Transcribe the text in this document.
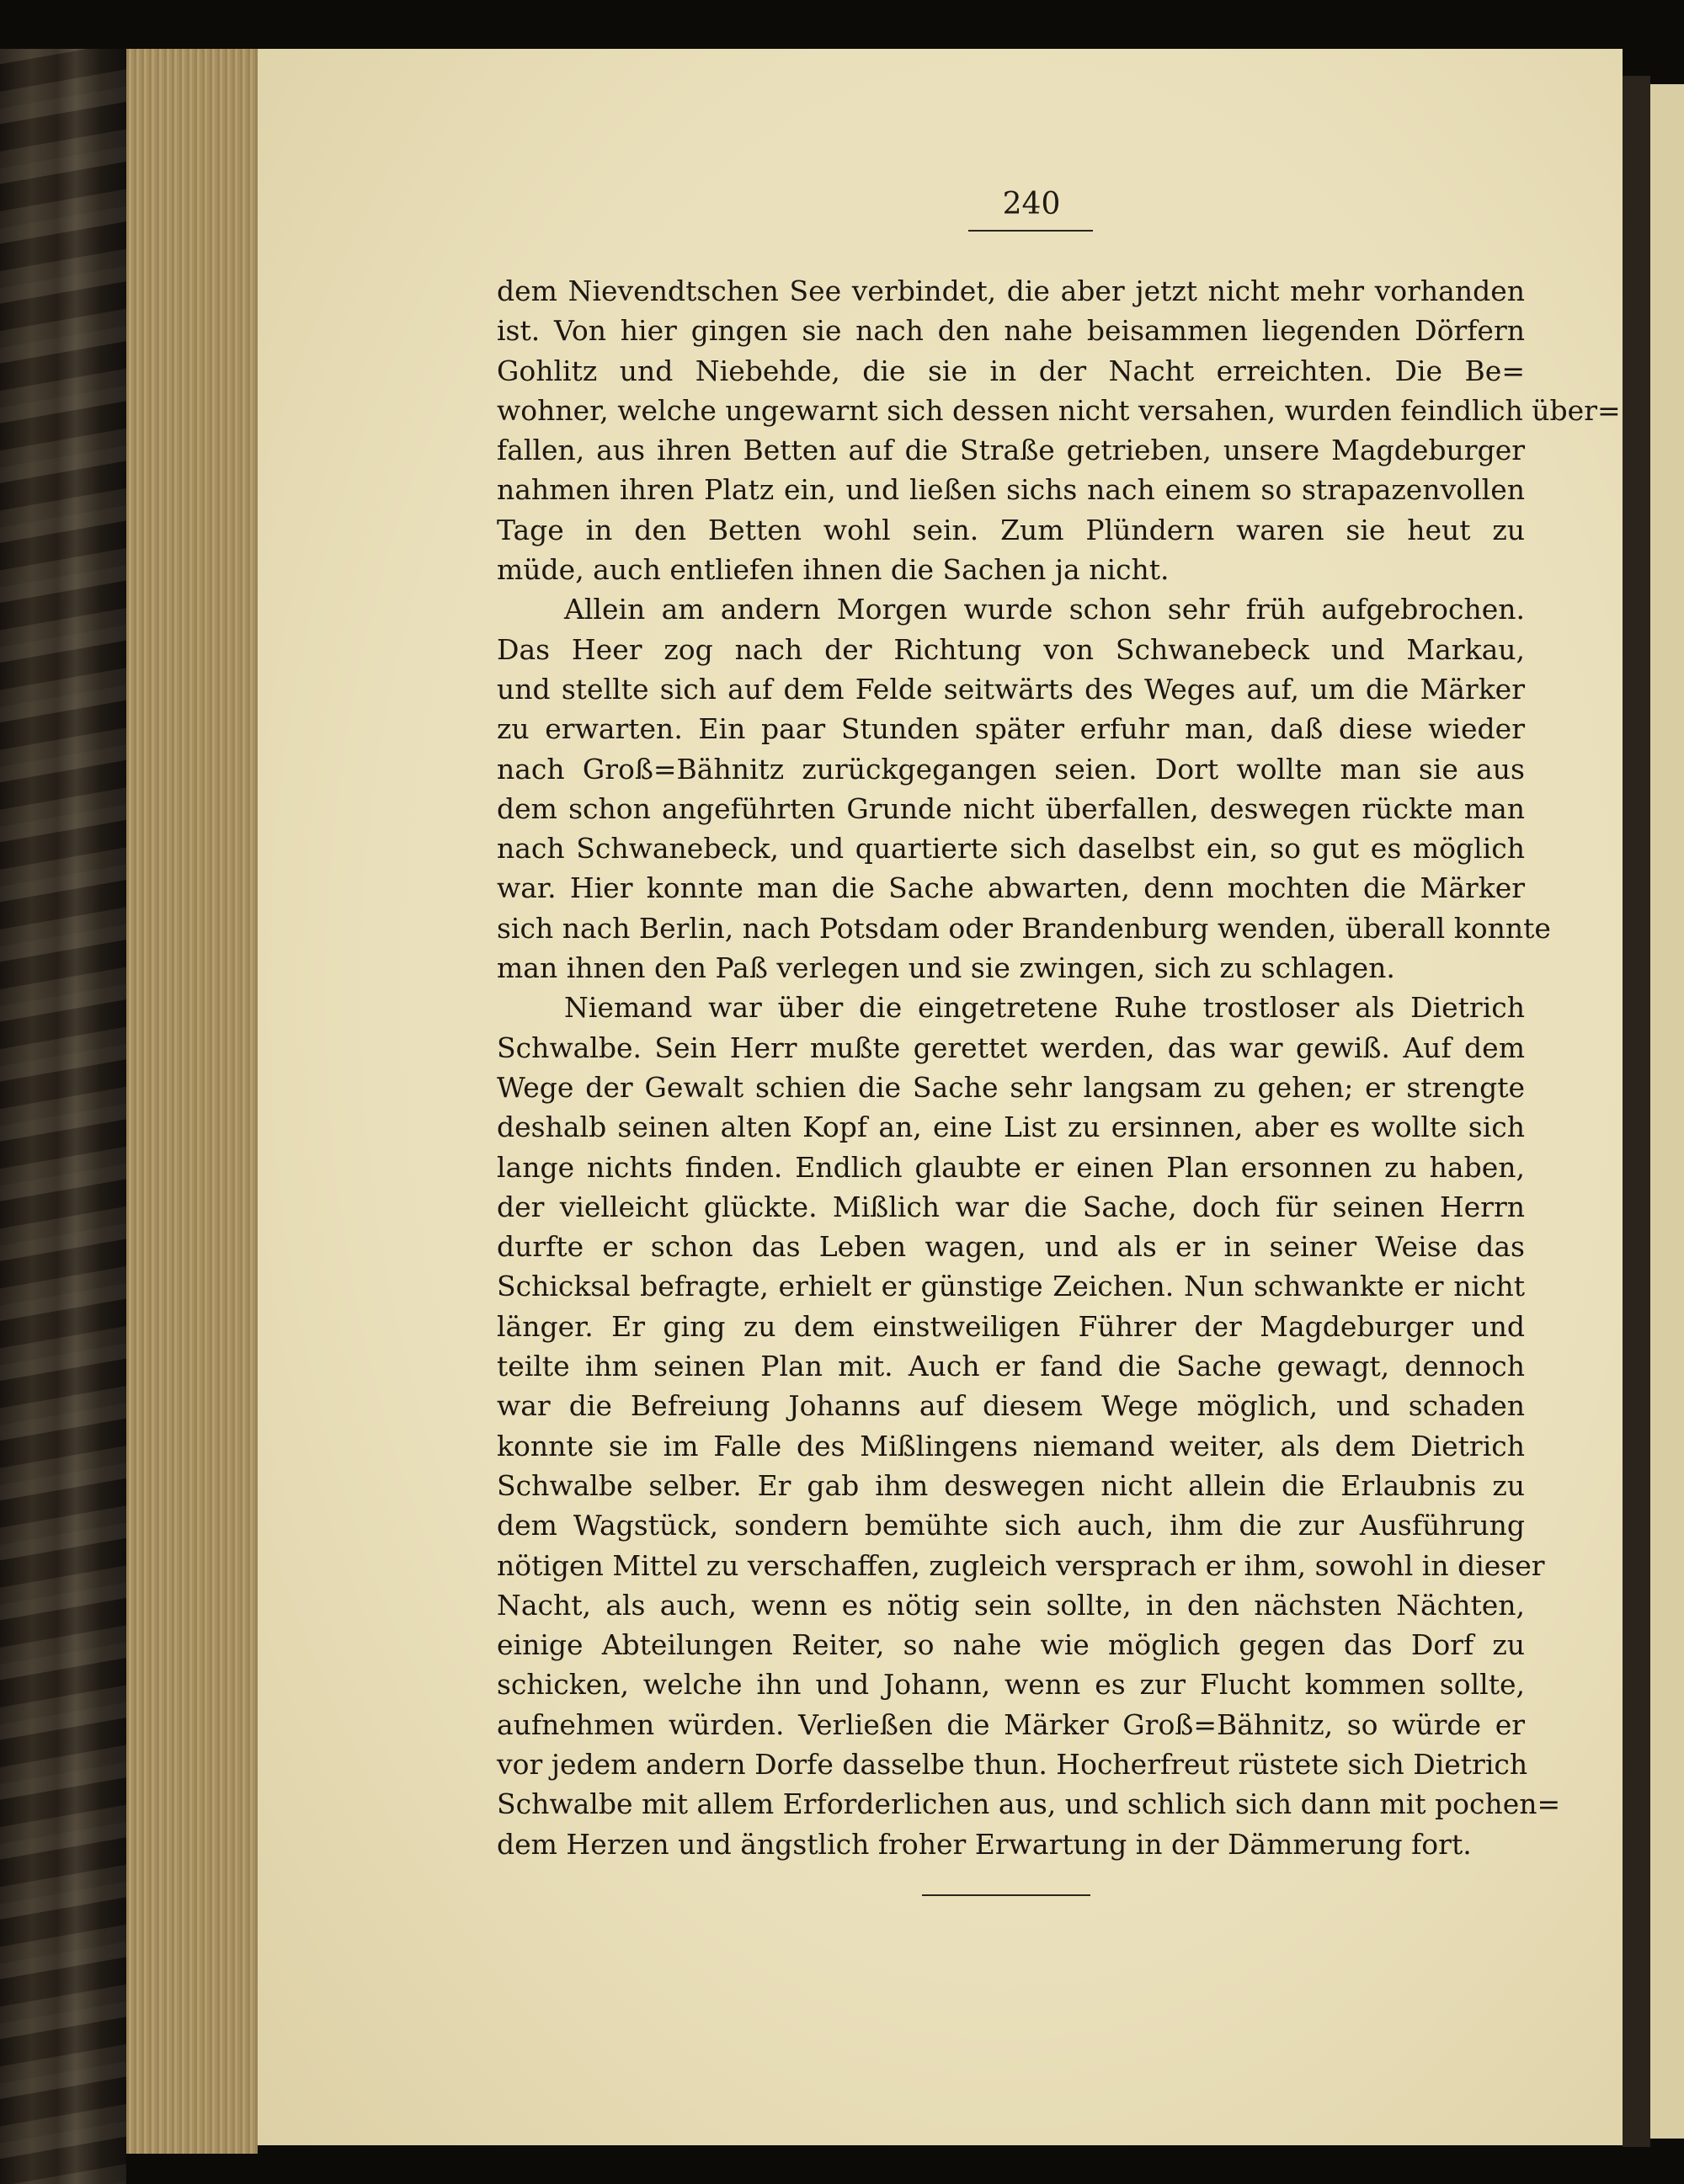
240
dem Nievendtschen See verbindet, die aber jetzt nicht mehr vorhanden
ist. Von hier gingen sie nach den nahe beisammen liegenden Dörfern
Gohlitz und Niebehde, die sie in der Nacht erreichten. Die Be=
wohner, welche ungewarnt sich dessen nicht versahen, wurden feindlich über=
fallen, aus ihren Betten auf die Straße getrieben, unsere Magdeburger
nahmen ihren Platz ein, und ließen sichs nach einem so strapazenvollen
Tage in den Betten wohl sein. Zum Plündern waren sie heut zu
müde, auch entliefen ihnen die Sachen ja nicht.
Allein am andern Morgen wurde schon sehr früh aufgebrochen.
Das Heer zog nach der Richtung von Schwanebeck und Markau,
und stellte sich auf dem Felde seitwärts des Weges auf, um die Märker
zu erwarten. Ein paar Stunden später erfuhr man, daß diese wieder
nach Groß=Bähnitz zurückgegangen seien. Dort wollte man sie aus
dem schon angeführten Grunde nicht überfallen, deswegen rückte man
nach Schwanebeck, und quartierte sich daselbst ein, so gut es möglich
war. Hier konnte man die Sache abwarten, denn mochten die Märker
sich nach Berlin, nach Potsdam oder Brandenburg wenden, überall konnte
man ihnen den Paß verlegen und sie zwingen, sich zu schlagen.
Niemand war über die eingetretene Ruhe trostloser als Dietrich
Schwalbe. Sein Herr mußte gerettet werden, das war gewiß. Auf dem
Wege der Gewalt schien die Sache sehr langsam zu gehen; er strengte
deshalb seinen alten Kopf an, eine List zu ersinnen, aber es wollte sich
lange nichts finden. Endlich glaubte er einen Plan ersonnen zu haben,
der vielleicht glückte. Mißlich war die Sache, doch für seinen Herrn
durfte er schon das Leben wagen, und als er in seiner Weise das
Schicksal befragte, erhielt er günstige Zeichen. Nun schwankte er nicht
länger. Er ging zu dem einstweiligen Führer der Magdeburger und
teilte ihm seinen Plan mit. Auch er fand die Sache gewagt, dennoch
war die Befreiung Johanns auf diesem Wege möglich, und schaden
konnte sie im Falle des Mißlingens niemand weiter, als dem Dietrich
Schwalbe selber. Er gab ihm deswegen nicht allein die Erlaubnis zu
dem Wagstück, sondern bemühte sich auch, ihm die zur Ausführung
nötigen Mittel zu verschaffen, zugleich versprach er ihm, sowohl in dieser
Nacht, als auch, wenn es nötig sein sollte, in den nächsten Nächten,
einige Abteilungen Reiter, so nahe wie möglich gegen das Dorf zu
schicken, welche ihn und Johann, wenn es zur Flucht kommen sollte,
aufnehmen würden. Verließen die Märker Groß=Bähnitz, so würde er
vor jedem andern Dorfe dasselbe thun. Hocherfreut rüstete sich Dietrich
Schwalbe mit allem Erforderlichen aus, und schlich sich dann mit pochen=
dem Herzen und ängstlich froher Erwartung in der Dämmerung fort.
